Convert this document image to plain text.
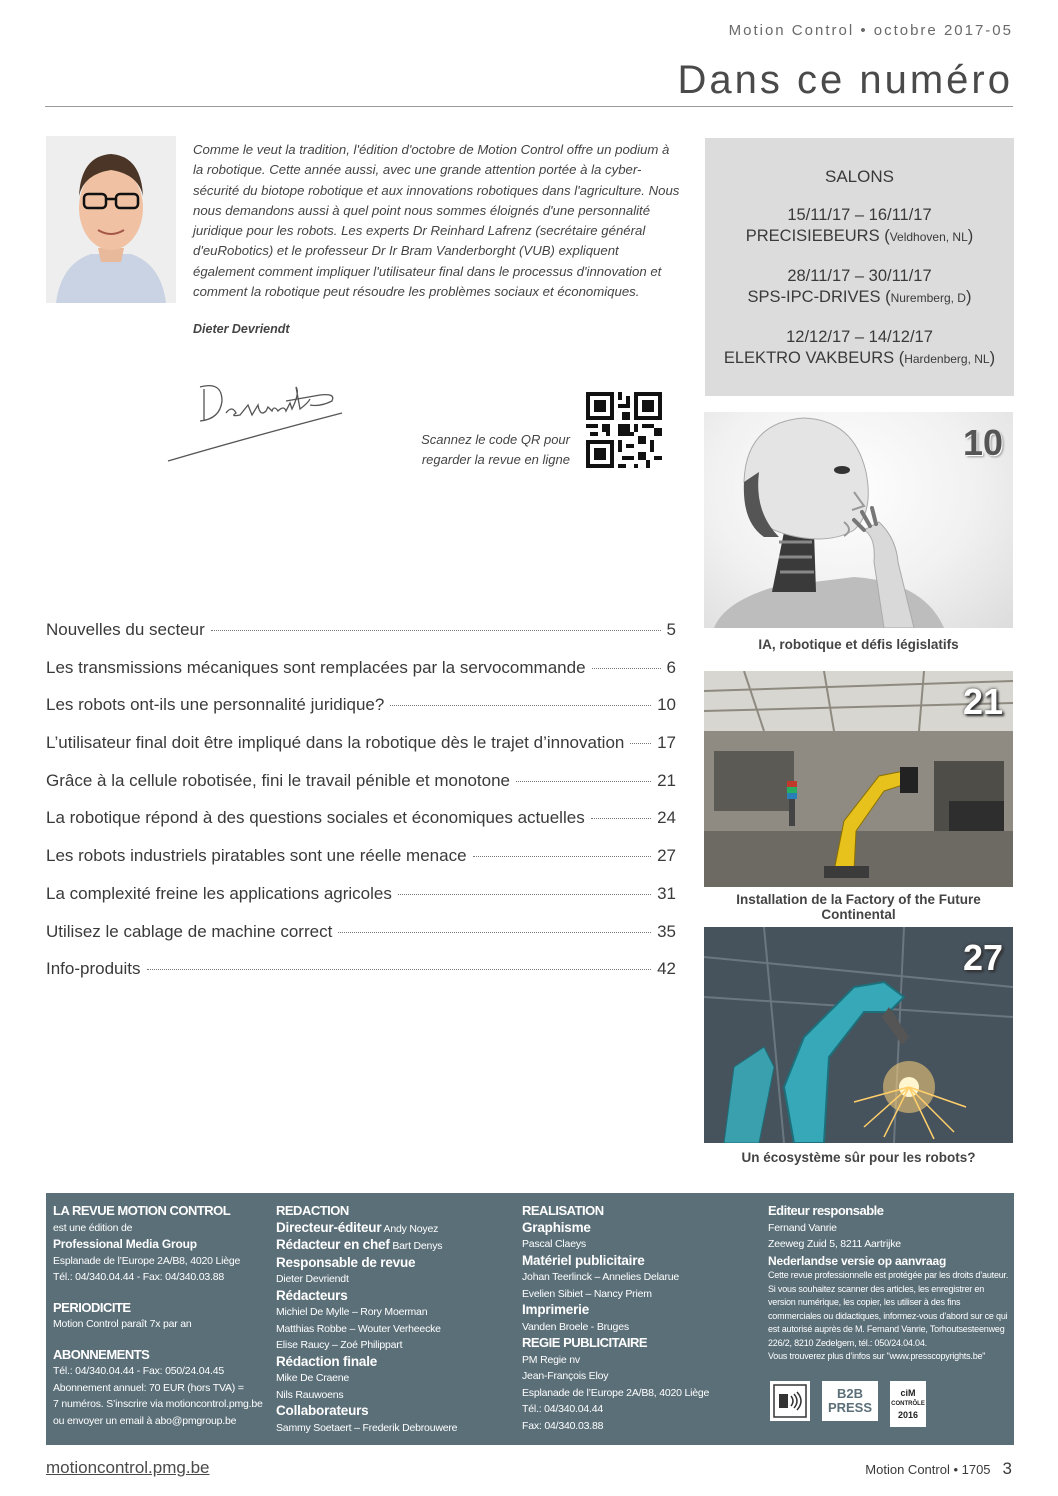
Motion Control • octobre 2017-05
Dans ce numéro
Comme le veut la tradition, l'édition d'octobre de Motion Control offre un podium à la robotique. Cette année aussi, avec une grande attention portée à la cyber-sécurité du biotope robotique et aux innovations robotiques dans l'agriculture. Nous nous demandons aussi à quel point nous sommes éloignés d'une personnalité juridique pour les robots. Les experts Dr Reinhard Lafrenz (secrétaire général d'euRobotics) et le professeur Dr Ir Bram Vanderborght (VUB) expliquent également comment impliquer l'utilisateur final dans le processus d'innovation et comment la robotique peut résoudre les problèmes sociaux et économiques.
Dieter Devriendt
Scannez le code QR pour
regarder la revue en ligne
SALONS
15/11/17 – 16/11/17
PRECISIEBEURS (Veldhoven, NL)
28/11/17 – 30/11/17
SPS-IPC-DRIVES (Nuremberg, D)
12/12/17 – 14/12/17
ELEKTRO VAKBEURS (Hardenberg, NL)
10
IA, robotique et défis législatifs
21
Installation de la Factory of the Future Continental
27
Un écosystème sûr pour les robots?
Nouvelles du secteur	5
Les transmissions mécaniques sont remplacées par la servocommande	6
Les robots ont-ils une personnalité juridique?	10
L’utilisateur final doit être impliqué dans la robotique dès le trajet d’innovation 17
Grâce à la cellule robotisée, fini le travail pénible et monotone	21
La robotique répond à des questions sociales et économiques actuelles	24
Les robots industriels piratables sont une réelle menace	27
La complexité freine les applications agricoles	31
Utilisez le cablage de machine correct	35
Info-produits	42
LA REVUE MOTION CONTROL
est une édition de
Professional Media Group
Esplanade de l’Europe 2A/B8, 4020 Liège
Tél.: 04/340.04.44 - Fax: 04/340.03.88
PERIODICITE
Motion Control paraît 7x par an
ABONNEMENTS
Tél.: 04/340.04.44 - Fax: 050/24.04.45
Abonnement annuel: 70 EUR (hors TVA) =
7 numéros. S’inscrire via motioncontrol.pmg.be
ou envoyer un email à abo@pmgroup.be
REDACTION
Directeur-éditeur Andy Noyez
Rédacteur en chef Bart Denys
Responsable de revue
Dieter Devriendt
Rédacteurs
Michiel De Mylle – Rory Moerman
Matthias Robbe – Wouter Verheecke
Elise Raucy – Zoé Philippart
Rédaction finale
Mike De Craene
Nils Rauwoens
Collaborateurs
Sammy Soetaert – Frederik Debrouwere
REALISATION
Graphisme
Pascal Claeys
Matériel publicitaire
Johan Teerlinck – Annelies Delarue
Evelien Sibiet – Nancy Priem
Imprimerie
Vanden Broele - Bruges
REGIE PUBLICITAIRE
PM Regie nv
Jean-François Eloy
Esplanade de l’Europe 2A/B8, 4020 Liège
Tél.: 04/340.04.44
Fax: 04/340.03.88
Editeur responsable
Fernand Vanrie
Zeeweg Zuid 5, 8211 Aartrijke
Nederlandse versie op aanvraag
Cette revue professionnelle est protégée par les droits d’auteur.
Si vous souhaitez scanner des articles, les enregistrer en version numérique, les copier, les utiliser à des fins commerciales ou didactiques, informez-vous d’abord sur ce qui est autorisé auprès de M. Fernand Vanrie, Torhoutsesteenweg 226/2, 8210 Zedelgem, tél.: 050/24.04.04.
Vous trouverez plus d’infos sur "www.presscopyrights.be"
B2B
PRESS
ciM
CONTRÔLE
2016
motioncontrol.pmg.be	Motion Control • 1705 3
